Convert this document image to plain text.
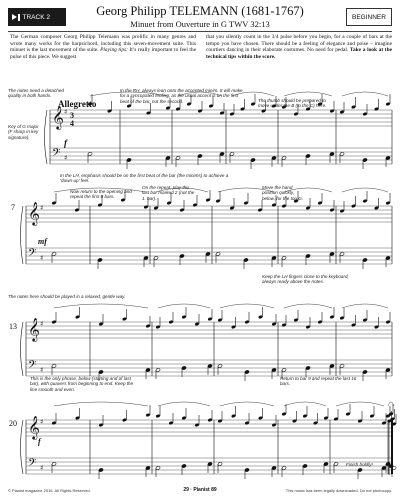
TRACK 2	Georg Philipp TELEMANN (1681-1767)
Minuet from Ouverture in G TWV 32:13
BEGINNER
The German composer Georg Philipp Telemann was prolific in many genres and wrote many works for the harpsichord, including this seven-movement suite. This minuet is the last movement of the suite. Playing tips: It’s really important to feel the pulse of this piece. We suggest
that you silently count in the 3/4 pulse before you begin, for a couple of bars at the tempo you have chosen. There should be a feeling of elegance and poise – imagine courtiers dancing in their elaborate costumes. No need for pedal. Take a look at the technical tips within the score.
𝄞 ♯
𝄢 ♯
3
4
𝄞 ♯
𝄢 ♯
𝄞 ♯
𝄢 ♯
𝄞 ♯
𝄢 ♯
Allegretto
f
mf
f
7
13
20
The notes need a detached quality in both hands.
In the RH, always lean onto the accented minim. It will make for a syncopated feeling, as the usual accent is on the first beat of the bar, not the second.	The thumb should be prepared to move under the B (to the C) here.
Key of G major (F sharp in key signature).
In the LH, emphasis should be on the first beat of the bar (the minims) to achieve a ‘down-up’ feel.
Now return to the opening and repeat the first 8 bars.
On the repeat, play this last bar marked 2 (not the 1. bar).
Move the hand position quickly, below, for the top G.
Keep the LH fingers close to the keyboard, always ready above the notes.
The notes here should be played in a relaxed, gentle way.
This is the only phrase, below (starting and of last bar), with quavers from beginning to end. Keep the line smooth and even.
Return to bar 9 and repeat the last 16 bars.
Finish boldly!
© Pianist magazine 2016. All Rights Reserved.	29 · Pianist 89	This music has been legally downloaded. Do not photocopy.
